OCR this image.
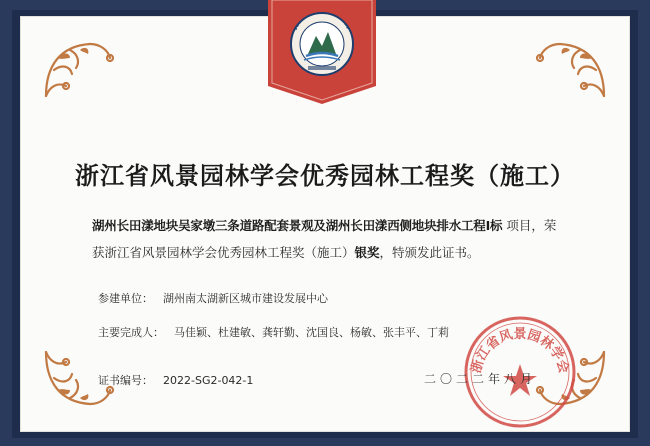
浙江省风景园林学会优秀园林工程奖（施工）
湖州长田漾地块吴家墩三条道路配套景观及湖州长田漾西侧地块排水工程Ⅰ标 项目，荣获浙江省风景园林学会优秀园林工程奖（施工）银奖，特颁发此证书。
参建单位： 湖州南太湖新区城市建设发展中心
主要完成人： 马佳颖、杜建敏、龚轩勤、沈国良、杨敏、张丰平、丁莉
证书编号： 2022-SG2-042-1
浙江省风景园林学会
二〇二二年八月
